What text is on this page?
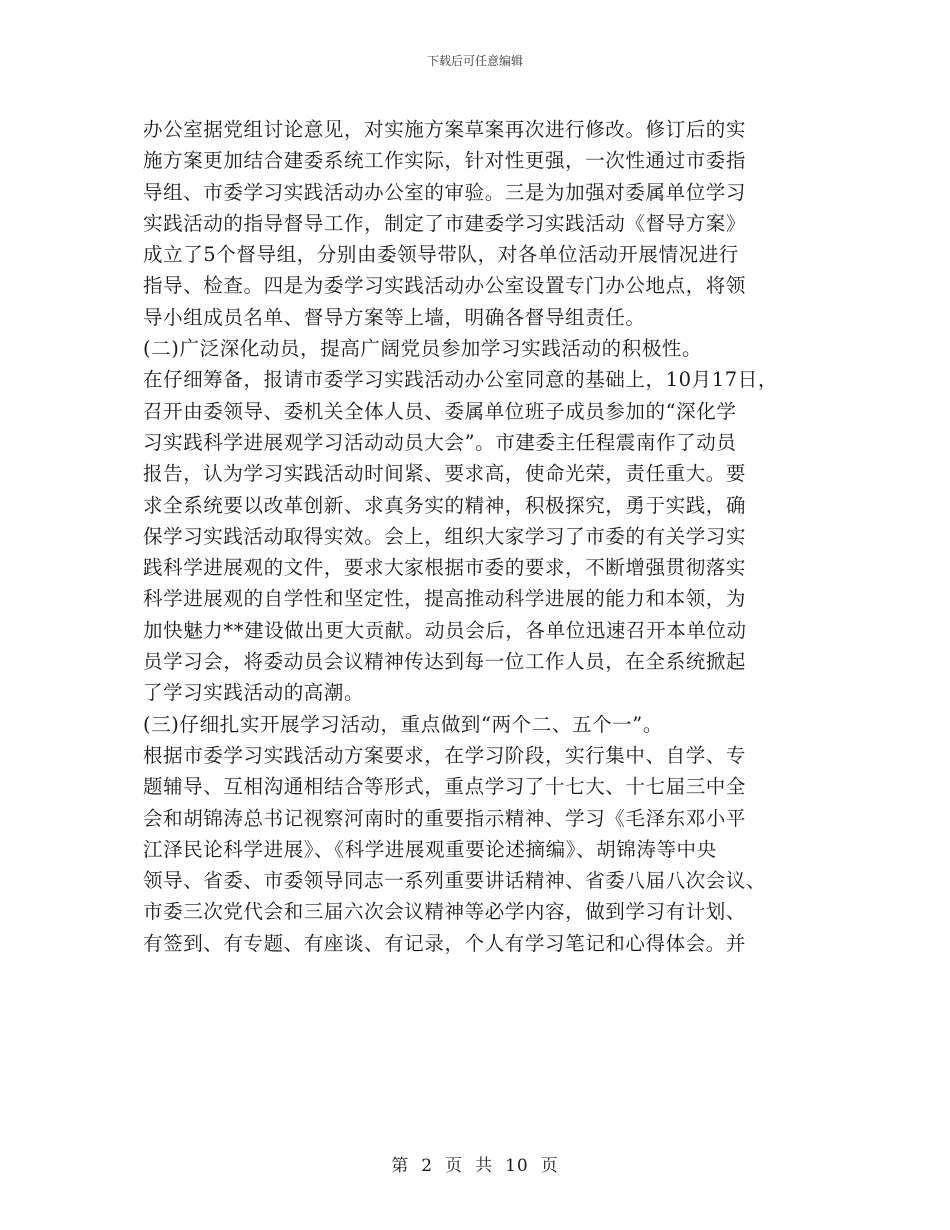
下载后可任意编辑
办公室据党组讨论意见，对实施方案草案再次进行修改。修订后的实
施方案更加结合建委系统工作实际，针对性更强，一次性通过市委指
导组、市委学习实践活动办公室的审验。三是为加强对委属单位学习
实践活动的指导督导工作，制定了市建委学习实践活动《督导方案》
成立了5个督导组，分别由委领导带队，对各单位活动开展情况进行
指导、检查。四是为委学习实践活动办公室设置专门办公地点，将领
导小组成员名单、督导方案等上墙，明确各督导组责任。
(二)广泛深化动员，提高广阔党员参加学习实践活动的积极性。
在仔细筹备，报请市委学习实践活动办公室同意的基础上，10月17日，
召开由委领导、委机关全体人员、委属单位班子成员参加的“深化学
习实践科学进展观学习活动动员大会”。市建委主任程震南作了动员
报告，认为学习实践活动时间紧、要求高，使命光荣，责任重大。要
求全系统要以改革创新、求真务实的精神，积极探究，勇于实践，确
保学习实践活动取得实效。会上，组织大家学习了市委的有关学习实
践科学进展观的文件，要求大家根据市委的要求，不断增强贯彻落实
科学进展观的自学性和坚定性，提高推动科学进展的能力和本领，为
加快魅力**建设做出更大贡献。动员会后，各单位迅速召开本单位动
员学习会，将委动员会议精神传达到每一位工作人员，在全系统掀起
了学习实践活动的高潮。
(三)仔细扎实开展学习活动，重点做到“两个二、五个一”。
根据市委学习实践活动方案要求，在学习阶段，实行集中、自学、专
题辅导、互相沟通相结合等形式，重点学习了十七大、十七届三中全
会和胡锦涛总书记视察河南时的重要指示精神、学习《毛泽东邓小平
江泽民论科学进展》、《科学进展观重要论述摘编》、胡锦涛等中央
领导、省委、市委领导同志一系列重要讲话精神、省委八届八次会议、
市委三次党代会和三届六次会议精神等必学内容，做到学习有计划、
有签到、有专题、有座谈、有记录，个人有学习笔记和心得体会。并
第 2 页 共 10 页
